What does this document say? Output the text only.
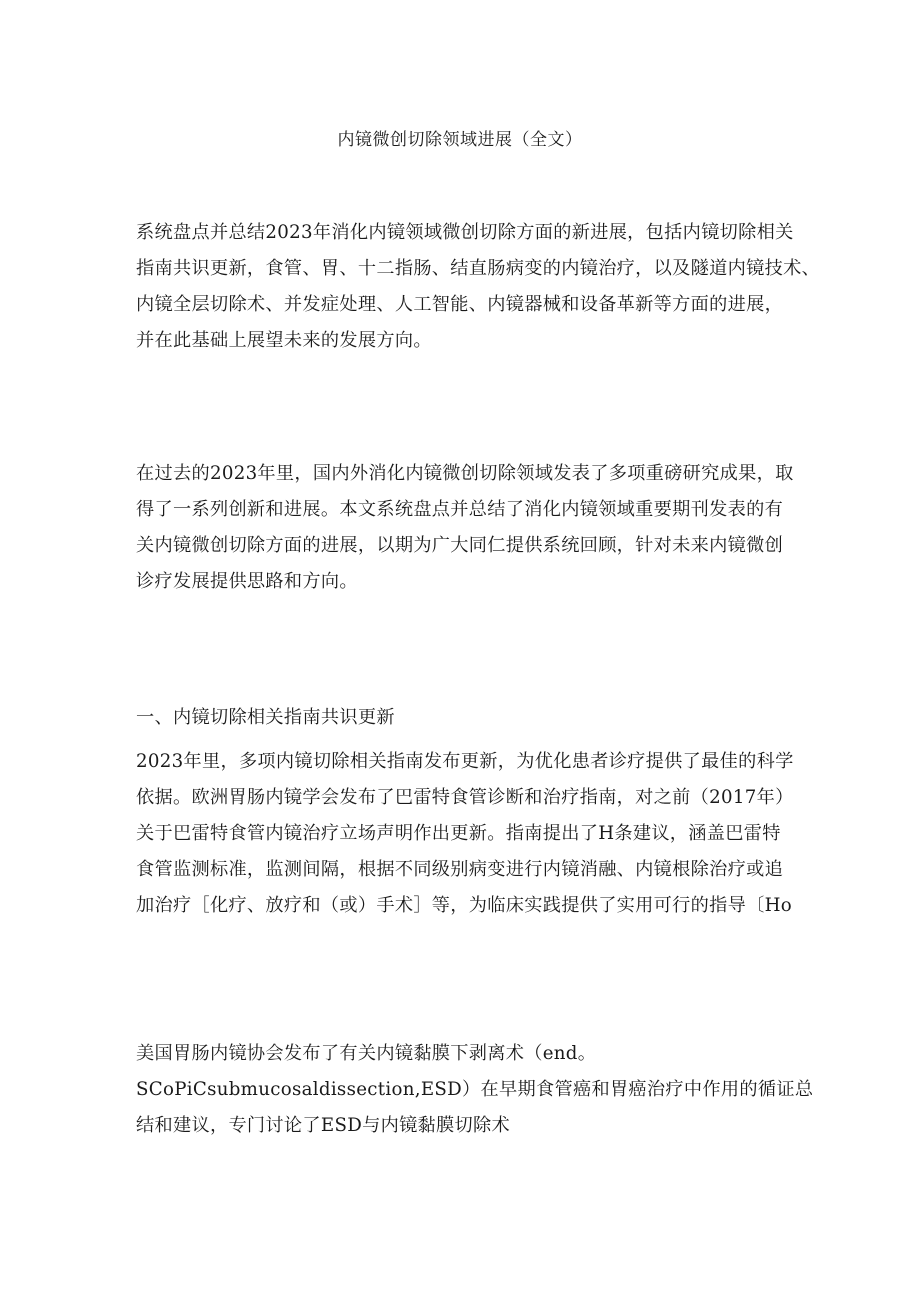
内镜微创切除领域进展（全文）

系统盘点并总结2023年消化内镜领域微创切除方面的新进展，包括内镜切除相关
指南共识更新，食管、胃、十二指肠、结直肠病变的内镜治疗，以及隧道内镜技术、
内镜全层切除术、并发症处理、人工智能、内镜器械和设备革新等方面的进展，
并在此基础上展望未来的发展方向。

在过去的2023年里，国内外消化内镜微创切除领域发表了多项重磅研究成果，取
得了一系列创新和进展。本文系统盘点并总结了消化内镜领域重要期刊发表的有
关内镜微创切除方面的进展，以期为广大同仁提供系统回顾，针对未来内镜微创
诊疗发展提供思路和方向。

一、内镜切除相关指南共识更新

2023年里，多项内镜切除相关指南发布更新，为优化患者诊疗提供了最佳的科学
依据。欧洲胃肠内镜学会发布了巴雷特食管诊断和治疗指南，对之前（2017年）
关于巴雷特食管内镜治疗立场声明作出更新。指南提出了H条建议，涵盖巴雷特
食管监测标准，监测间隔，根据不同级别病变进行内镜消融、内镜根除治疗或追
加治疗［化疗、放疗和（或）手术］等，为临床实践提供了实用可行的指导〔Ho

美国胃肠内镜协会发布了有关内镜黏膜下剥离术（end。
SCoPiCsubmucosaldissection,ESD）在早期食管癌和胃癌治疗中作用的循证总
结和建议，专门讨论了ESD与内镜黏膜切除术
